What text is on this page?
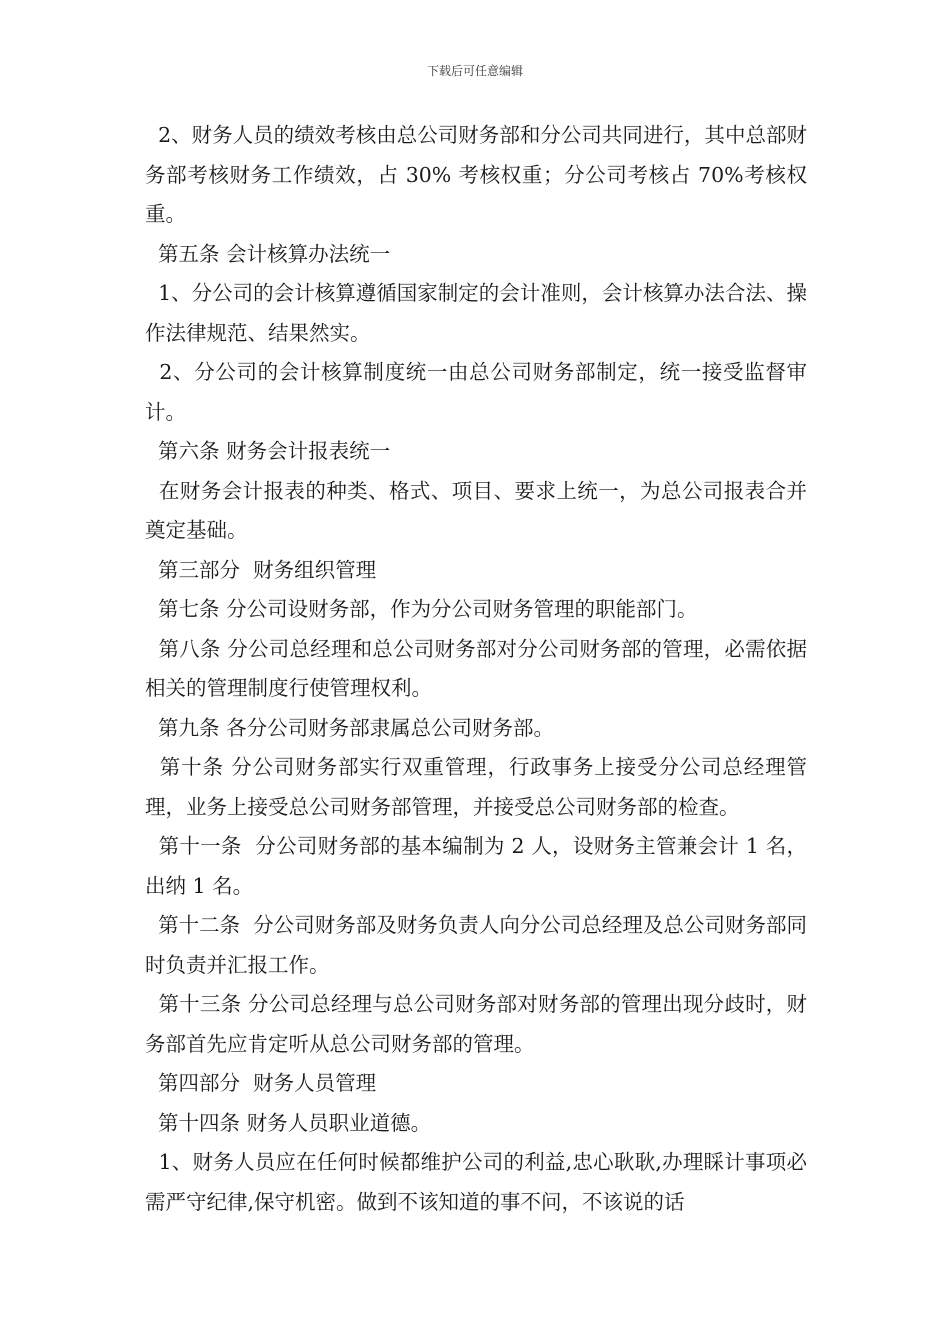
下载后可任意编辑

2、财务人员的绩效考核由总公司财务部和分公司共同进行，其中总部财务部考核财务工作绩效，占 30% 考核权重；分公司考核占 70%考核权重。

第五条 会计核算办法统一

1、分公司的会计核算遵循国家制定的会计准则，会计核算办法合法、操作法律规范、结果然实。

2、分公司的会计核算制度统一由总公司财务部制定，统一接受监督审计。

第六条 财务会计报表统一

在财务会计报表的种类、格式、项目、要求上统一，为总公司报表合并奠定基础。

第三部分  财务组织管理

第七条 分公司设财务部，作为分公司财务管理的职能部门。

第八条 分公司总经理和总公司财务部对分公司财务部的管理，必需依据相关的管理制度行使管理权利。

第九条 各分公司财务部隶属总公司财务部。

第十条 分公司财务部实行双重管理，行政事务上接受分公司总经理管理，业务上接受总公司财务部管理，并接受总公司财务部的检查。

第十一条  分公司财务部的基本编制为 2 人，设财务主管兼会计 1 名，出纳 1 名。

第十二条  分公司财务部及财务负责人向分公司总经理及总公司财务部同时负责并汇报工作。

第十三条 分公司总经理与总公司财务部对财务部的管理出现分歧时，财务部首先应肯定听从总公司财务部的管理。

第四部分  财务人员管理

第十四条 财务人员职业道德。

1、财务人员应在任何时候都维护公司的利益,忠心耿耿,办理睬计事项必需严守纪律,保守机密。做到不该知道的事不问，不该说的话
